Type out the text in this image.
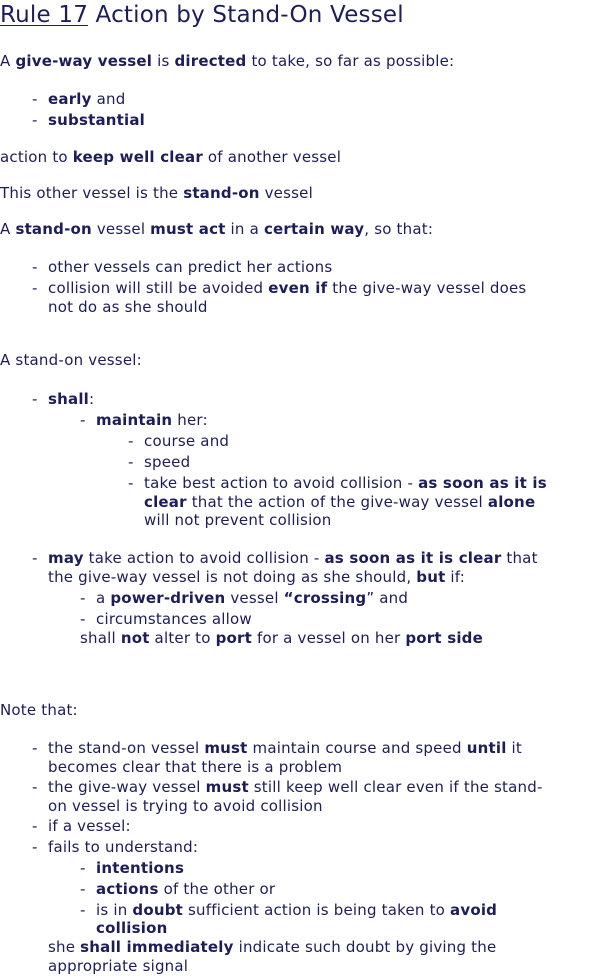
Rule 17 Action by Stand-On Vessel
A give-way vessel is directed to take, so far as possible:
- early and
- substantial
action to keep well clear of another vessel
This other vessel is the stand-on vessel
A stand-on vessel must act in a certain way, so that:
- other vessels can predict her actions
- collision will still be avoided even if the give-way vessel does
not do as she should
A stand-on vessel:
- shall:
- maintain her:
- course and
- speed
- take best action to avoid collision - as soon as it is
clear that the action of the give-way vessel alone
will not prevent collision
- may take action to avoid collision - as soon as it is clear that
the give-way vessel is not doing as she should, but if:
- a power-driven vessel “crossing” and
- circumstances allow
shall not alter to port for a vessel on her port side
Note that:
- the stand-on vessel must maintain course and speed until it
becomes clear that there is a problem
- the give-way vessel must still keep well clear even if the stand-
on vessel is trying to avoid collision
- if a vessel:
- fails to understand:
- intentions
- actions of the other or
- is in doubt sufficient action is being taken to avoid
collision
she shall immediately indicate such doubt by giving the
appropriate signal
